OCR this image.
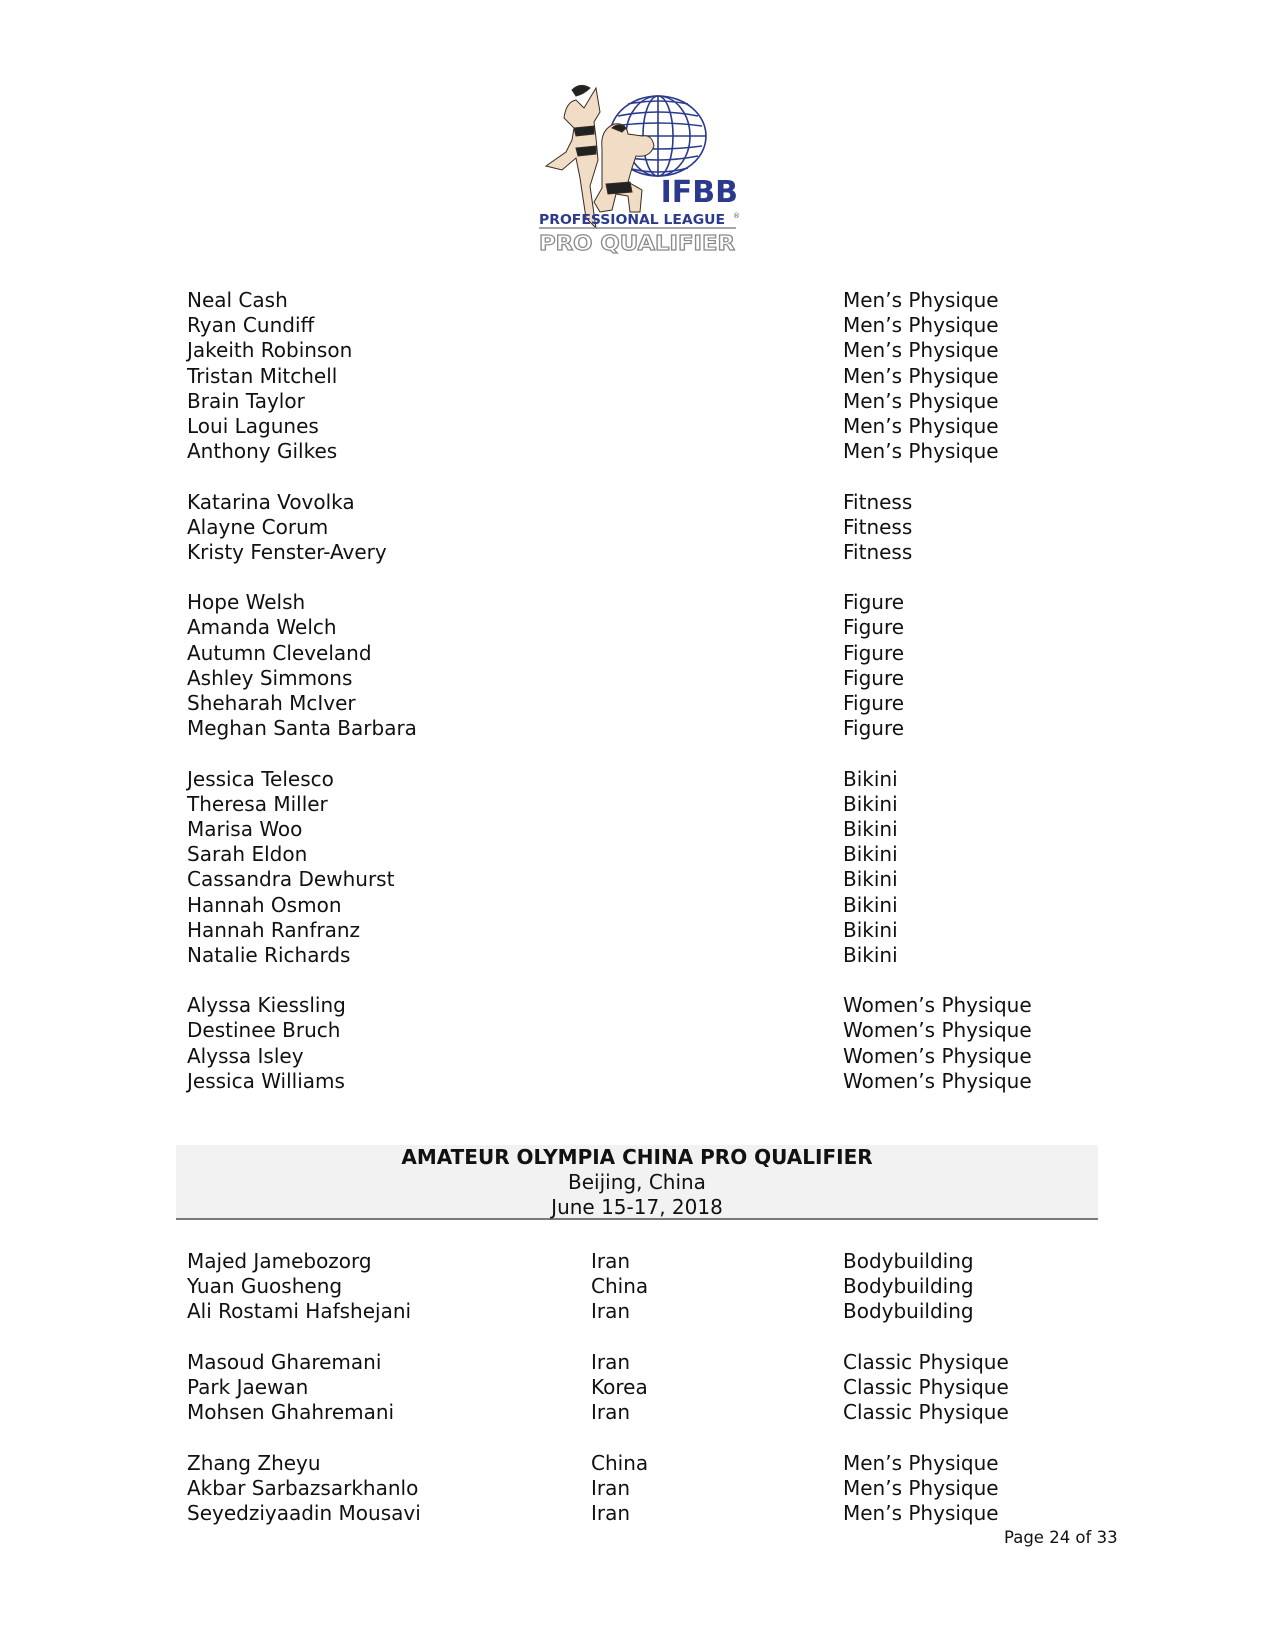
IFBB
PROFESSIONAL LEAGUE ®
PRO QUALIFIER
Neal Cash	Men’s Physique
Ryan Cundiff	Men’s Physique
Jakeith Robinson	Men’s Physique
Tristan Mitchell	Men’s Physique
Brain Taylor	Men’s Physique
Loui Lagunes	Men’s Physique
Anthony Gilkes	Men’s Physique
Katarina Vovolka	Fitness
Alayne Corum	Fitness
Kristy Fenster-Avery	Fitness
Hope Welsh	Figure
Amanda Welch	Figure
Autumn Cleveland	Figure
Ashley Simmons	Figure
Sheharah McIver	Figure
Meghan Santa Barbara	Figure
Jessica Telesco	Bikini
Theresa Miller	Bikini
Marisa Woo	Bikini
Sarah Eldon	Bikini
Cassandra Dewhurst	Bikini
Hannah Osmon	Bikini
Hannah Ranfranz	Bikini
Natalie Richards	Bikini
Alyssa Kiessling	Women’s Physique
Destinee Bruch	Women’s Physique
Alyssa Isley	Women’s Physique
Jessica Williams	Women’s Physique
AMATEUR OLYMPIA CHINA PRO QUALIFIER
Beijing, China
June 15-17, 2018
Majed Jamebozorg	Iran	Bodybuilding
Yuan Guosheng	China	Bodybuilding
Ali Rostami Hafshejani	Iran	Bodybuilding
Masoud Gharemani	Iran	Classic Physique
Park Jaewan	Korea	Classic Physique
Mohsen Ghahremani	Iran	Classic Physique
Zhang Zheyu	China	Men’s Physique
Akbar Sarbazsarkhanlo	Iran	Men’s Physique
Seyedziyaadin Mousavi	Iran	Men’s Physique
Page 24 of 33
